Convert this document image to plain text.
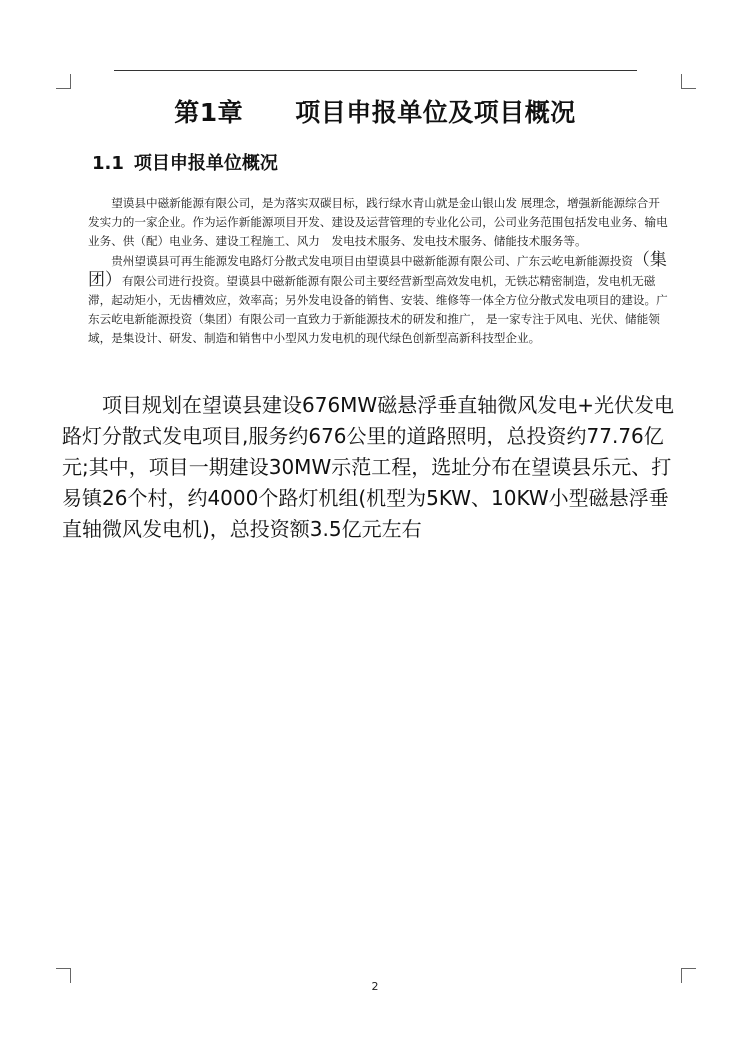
第1章 项目申报单位及项目概况
1.1 项目申报单位概况

望谟县中磁新能源有限公司，是为落实双碳目标，践行绿水青山就是金山银山发 展理念，增强新能源综合开发实力的一家企业。作为运作新能源项目开发、建设及运营管理的专业化公司，公司业务范围包括发电业务、输电业务、供（配）电业务、建设工程施工、风力　发电技术服务、发电技术服务、储能技术服务等。

贵州望谟县可再生能源发电路灯分散式发电项目由望谟县中磁新能源有限公司、广东云屹电新能源投资（集团）有限公司进行投资。望谟县中磁新能源有限公司主要经营新型高效发电机，无铁芯精密制造，发电机无磁滞，起动矩小，无齿槽效应，效率高；另外发电设备的销售、安装、维修等一体全方位分散式发电项目的建设。广东云屹电新能源投资（集团）有限公司一直致力于新能源技术的研发和推广， 是一家专注于风电、光伏、储能领域，是集设计、研发、制造和销售中小型风力发电机的现代绿色创新型高新科技型企业。

项目规划在望谟县建设676MW磁悬浮垂直轴微风发电+光伏发电路灯分散式发电项目,服务约676公里的道路照明，总投资约77.76亿元;其中，项目一期建设30MW示范工程，选址分布在望谟县乐元、打易镇26个村，约4000个路灯机组(机型为5KW、10KW小型磁悬浮垂直轴微风发电机)，总投资额3.5亿元左右

2
